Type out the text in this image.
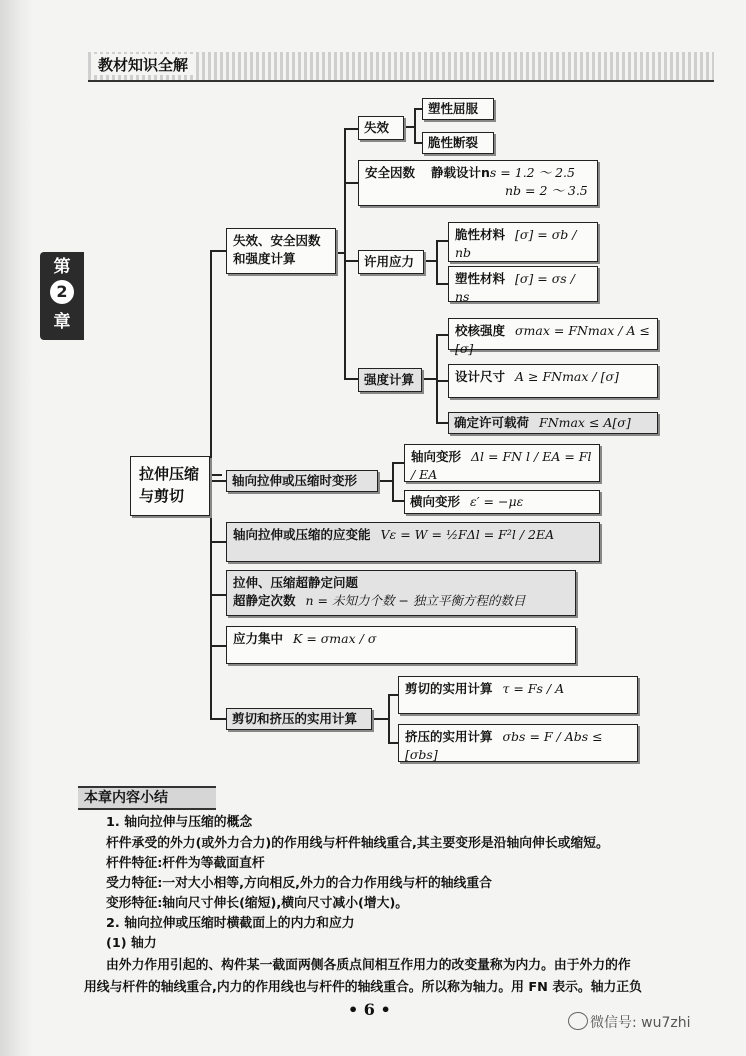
教材知识全解
第
2
章
拉伸压缩与剪切
失效、安全因数和强度计算
失效
塑性屈服
脆性断裂
安全因数 静载设计ns = 1.2 ～ 2.5
nb = 2 ～ 3.5
许用应力
脆性材料 [σ] = σb / nb
塑性材料 [σ] = σs / ns
强度计算
校核强度 σmax = FNmax / A ≤ [σ]
设计尺寸 A ≥ FNmax / [σ]
确定许可载荷 FNmax ≤ A[σ]
轴向拉伸或压缩时变形
轴向变形 Δl = FN l / EA = Fl / EA
横向变形 ε′ = −με
轴向拉伸或压缩的应变能 Vε = W = ½FΔl = F²l / 2EA
拉伸、压缩超静定问题
超静定次数 n = 未知力个数 − 独立平衡方程的数目
应力集中 K = σmax / σ
剪切和挤压的实用计算
剪切的实用计算 τ = Fs / A
挤压的实用计算 σbs = F / Abs ≤ [σbs]
本章内容小结
1. 轴向拉伸与压缩的概念
杆件承受的外力(或外力合力)的作用线与杆件轴线重合,其主要变形是沿轴向伸长或缩短。
杆件特征:杆件为等截面直杆
受力特征:一对大小相等,方向相反,外力的合力作用线与杆的轴线重合
变形特征:轴向尺寸伸长(缩短),横向尺寸减小(增大)。
2. 轴向拉伸或压缩时横截面上的内力和应力
(1) 轴力
由外力作用引起的、构件某一截面两侧各质点间相互作用力的改变量称为内力。由于外力的作
用线与杆件的轴线重合,内力的作用线也与杆件的轴线重合。所以称为轴力。用 FN 表示。轴力正负
• 6 •
微信号: wu7zhi
